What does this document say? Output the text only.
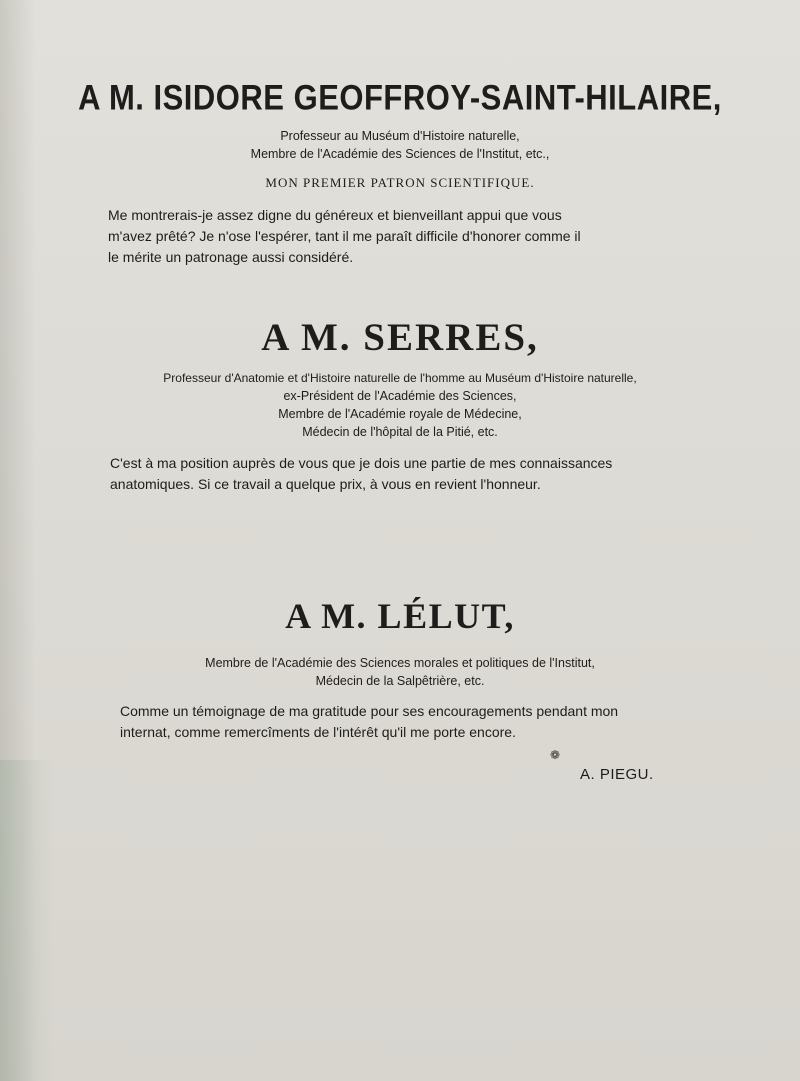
A M. ISIDORE GEOFFROY-SAINT-HILAIRE,
Professeur au Muséum d'Histoire naturelle,
Membre de l'Académie des Sciences de l'Institut, etc.,
MON PREMIER PATRON SCIENTIFIQUE.
Me montrerais-je assez digne du généreux et bienveillant appui que vous
m'avez prêté? Je n'ose l'espérer, tant il me paraît difficile d'honorer comme il
le mérite un patronage aussi considéré.
A M. SERRES,
Professeur d'Anatomie et d'Histoire naturelle de l'homme au Muséum d'Histoire naturelle,
ex-Président de l'Académie des Sciences,
Membre de l'Académie royale de Médecine,
Médecin de l'hôpital de la Pitié, etc.
C'est à ma position auprès de vous que je dois une partie de mes connaissances
anatomiques. Si ce travail a quelque prix, à vous en revient l'honneur.
A M. LÉLUT,
Membre de l'Académie des Sciences morales et politiques de l'Institut,
Médecin de la Salpêtrière, etc.
Comme un témoignage de ma gratitude pour ses encouragements pendant mon
internat, comme remercîments de l'intérêt qu'il me porte encore.
❁
A. PIEGU.
